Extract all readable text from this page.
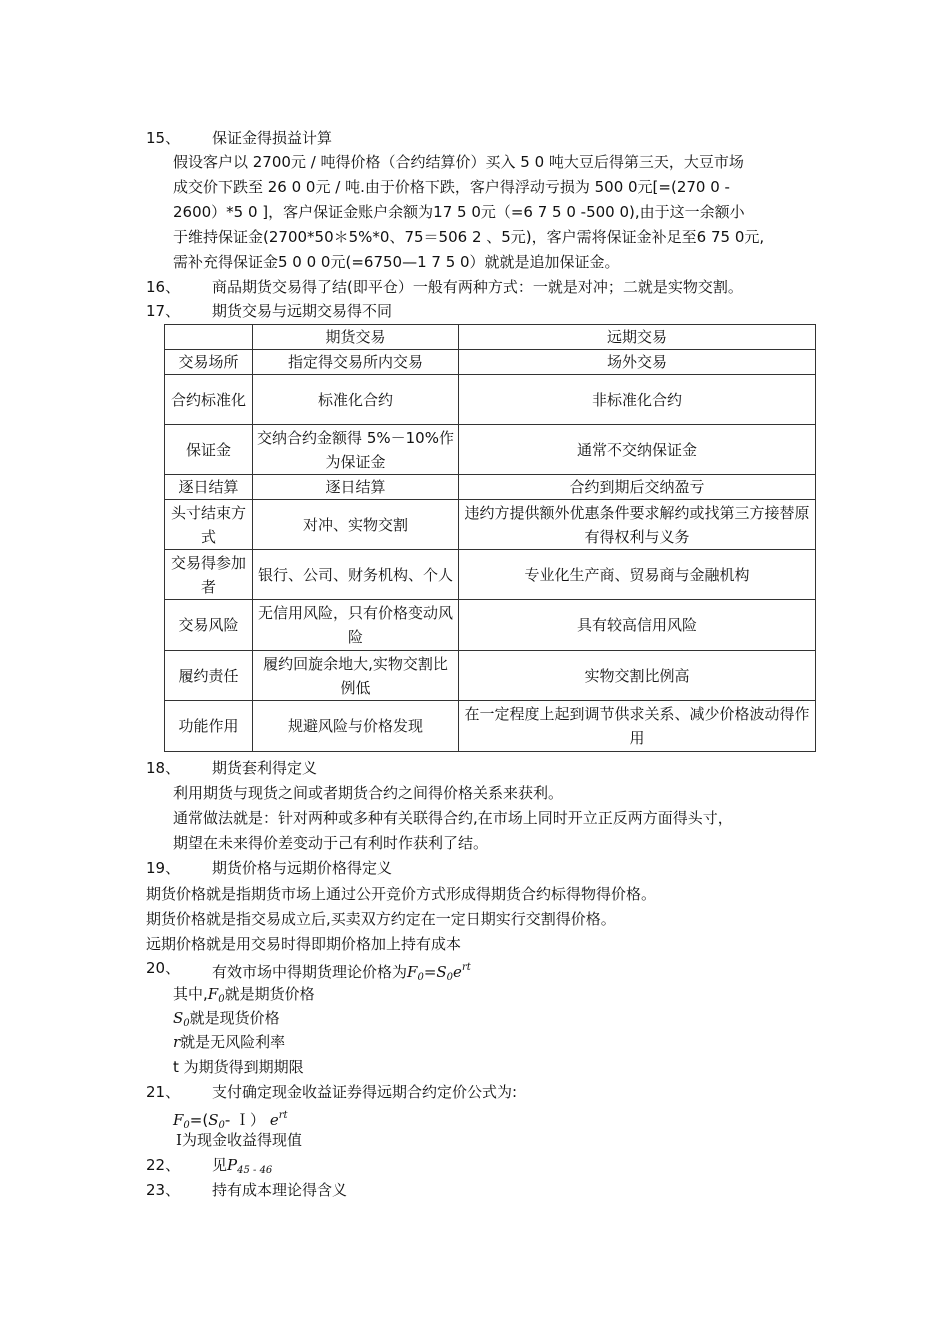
15、 保证金得损益计算
假设客户以 2700元 / 吨得价格（合约结算价）买入 5 0 吨大豆后得第三天，大豆市场
成交价下跌至 26 0 0元 / 吨.由于价格下跌，客户得浮动亏损为 500 0元[=(270 0 -
2600）*5 0 ]，客户保证金账户余额为17 5 0元（=6 7 5 0 -500 0),由于这一余额小
于维持保证金(2700*50＊5%*0、75＝506 2 、5元)，客户需将保证金补足至6 75 0元,
需补充得保证金5 0 0 0元(=6750—1 7 5 0）就就是追加保证金。
16、 商品期货交易得了结(即平仓）一般有两种方式：一就是对冲；二就是实物交割。
17、 期货交易与远期交易得不同
	期货交易	远期交易
交易场所	指定得交易所内交易	场外交易
合约标准化	标准化合约	非标准化合约
保证金	交纳合约金额得 5%－10%作为保证金	通常不交纳保证金
逐日结算	逐日结算	合约到期后交纳盈亏
头寸结束方式	对冲、实物交割	违约方提供额外优惠条件要求解约或找第三方接替原有得权利与义务
交易得参加者	银行、公司、财务机构、个人	专业化生产商、贸易商与金融机构
交易风险	无信用风险，只有价格变动风险	具有较高信用风险
履约责任	履约回旋余地大,实物交割比例低	实物交割比例高
功能作用	规避风险与价格发现	在一定程度上起到调节供求关系、减少价格波动得作用
18、 期货套利得定义
利用期货与现货之间或者期货合约之间得价格关系来获利。
通常做法就是：针对两种或多种有关联得合约,在市场上同时开立正反两方面得头寸，
期望在未来得价差变动于己有利时作获利了结。
19、 期货价格与远期价格得定义
期货价格就是指期货市场上通过公开竞价方式形成得期货合约标得物得价格。
期货价格就是指交易成立后,买卖双方约定在一定日期实行交割得价格。
远期价格就是用交易时得即期价格加上持有成本
20、 有效市场中得期货理论价格为$F_0=S_0e^{rt}$
其中$,F_0$就是期货价格
$S_0$就是现货价格
r就是无风险利率
t 为期货得到期期限
21、 支付确定现金收益证券得远期合约定价公式为:
$F_0=(S_0-$ Ｉ） $e^{rt}$
I为现金收益得现值
22、 见$P_{45 - 46}$
23、 持有成本理论得含义
